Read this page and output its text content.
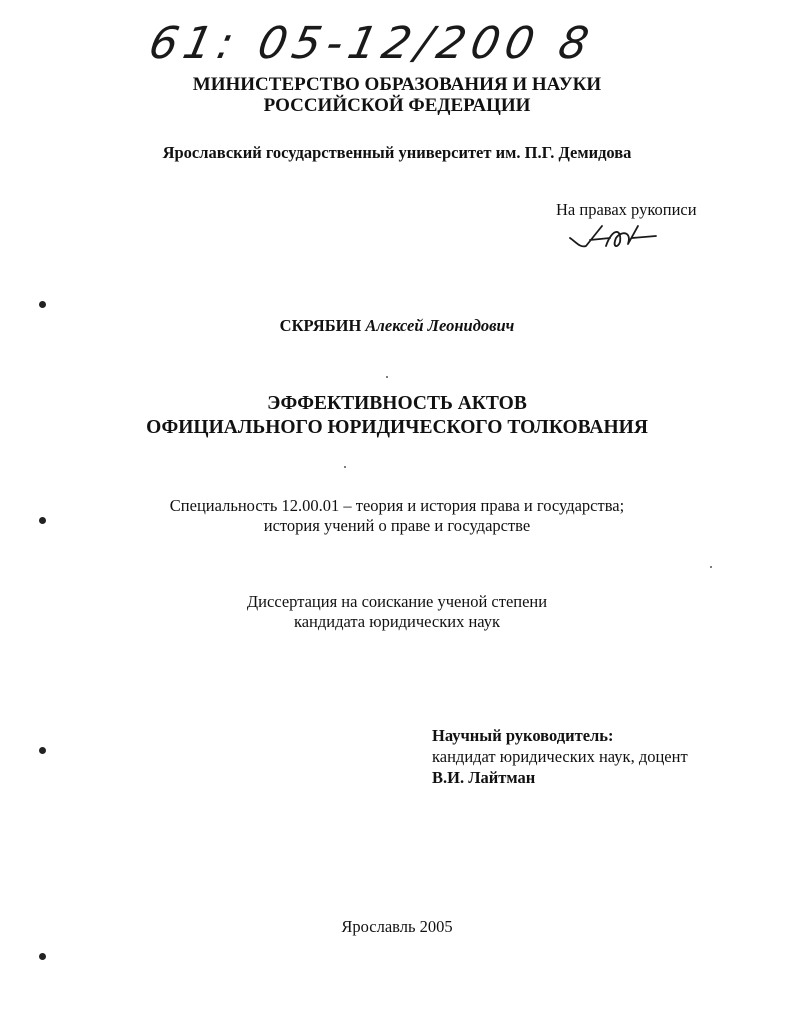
61: 05-12/200 8
МИНИСТЕРСТВО ОБРАЗОВАНИЯ И НАУКИ
РОССИЙСКОЙ ФЕДЕРАЦИИ
Ярославский государственный университет им. П.Г. Демидова
На правах рукописи
СКРЯБИН Алексей Леонидович
ЭФФЕКТИВНОСТЬ АКТОВ
ОФИЦИАЛЬНОГО ЮРИДИЧЕСКОГО ТОЛКОВАНИЯ
Специальность 12.00.01 – теория и история права и государства;
история учений о праве и государстве
Диссертация на соискание ученой степени
кандидата юридических наук
Научный руководитель:
кандидат юридических наук, доцент
В.И. Лайтман
Ярославль 2005
